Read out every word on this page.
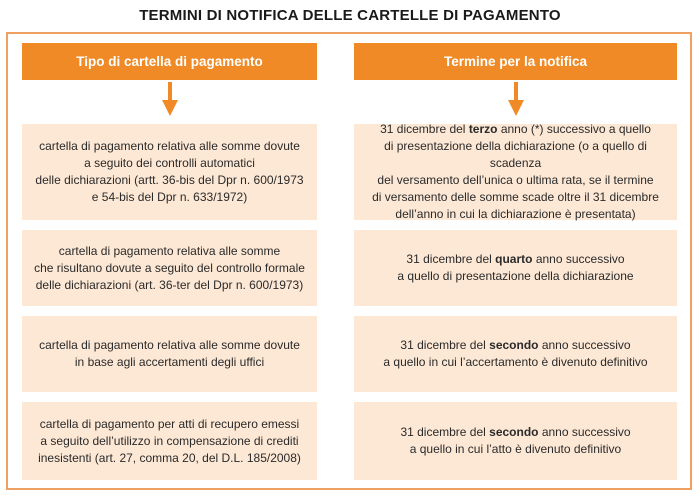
TERMINI DI NOTIFICA DELLE CARTELLE DI PAGAMENTO
Tipo di cartella di pagamento	Termine per la notifica
cartella di pagamento relativa alle somme dovute
a seguito dei controlli automatici
delle dichiarazioni (artt. 36-bis del Dpr n. 600/1973
e 54-bis del Dpr n. 633/1972)
31 dicembre del terzo anno (*) successivo a quello
di presentazione della dichiarazione (o a quello di scadenza
del versamento dell’unica o ultima rata, se il termine
di versamento delle somme scade oltre il 31 dicembre
dell’anno in cui la dichiarazione è presentata)
cartella di pagamento relativa alle somme
che risultano dovute a seguito del controllo formale
delle dichiarazioni (art. 36-ter del Dpr n. 600/1973)
31 dicembre del quarto anno successivo
a quello di presentazione della dichiarazione
cartella di pagamento relativa alle somme dovute
in base agli accertamenti degli uffici
31 dicembre del secondo anno successivo
a quello in cui l’accertamento è divenuto definitivo
cartella di pagamento per atti di recupero emessi
a seguito dell’utilizzo in compensazione di crediti
inesistenti (art. 27, comma 20, del D.L. 185/2008)
31 dicembre del secondo anno successivo
a quello in cui l’atto è divenuto definitivo
